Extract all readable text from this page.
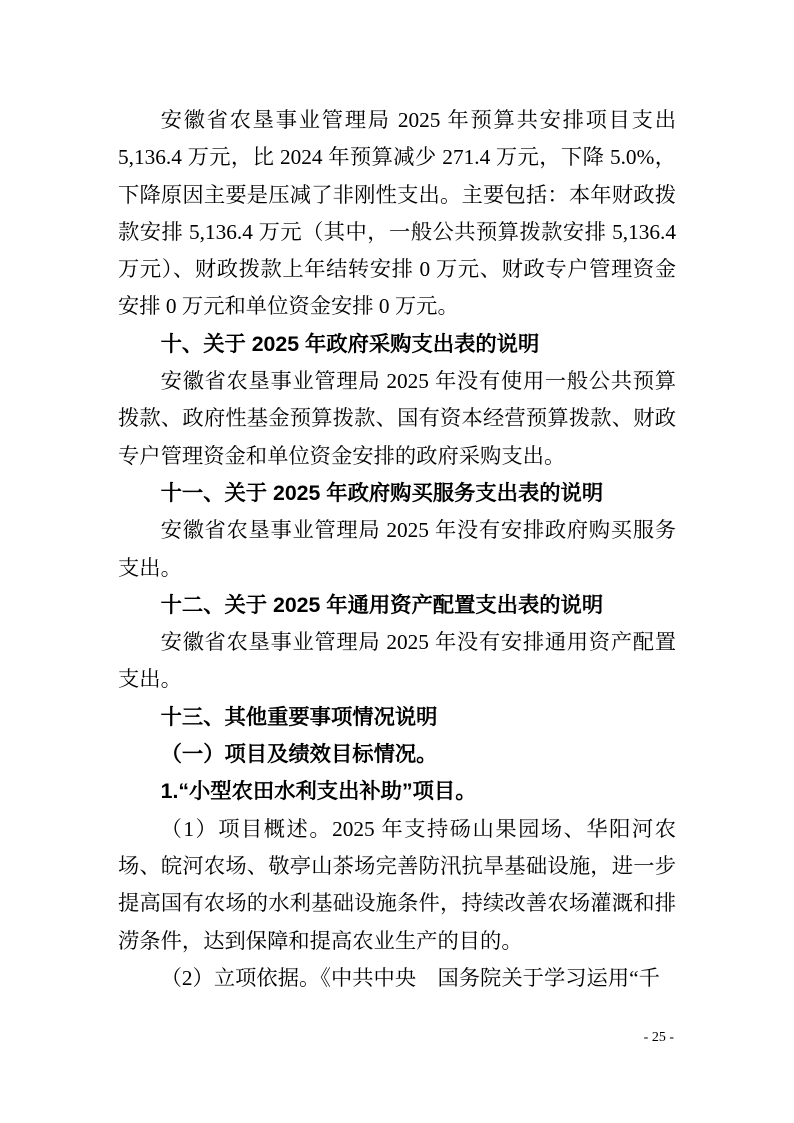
安徽省农垦事业管理局 2025 年预算共安排项目支出 5,136.4 万元，比 2024 年预算减少 271.4 万元，下降 5.0%，下降原因主要是压减了非刚性支出。主要包括：本年财政拨款安排 5,136.4 万元（其中，一般公共预算拨款安排 5,136.4 万元）、财政拨款上年结转安排 0 万元、财政专户管理资金安排 0 万元和单位资金安排 0 万元。

十、关于 2025 年政府采购支出表的说明

安徽省农垦事业管理局 2025 年没有使用一般公共预算拨款、政府性基金预算拨款、国有资本经营预算拨款、财政专户管理资金和单位资金安排的政府采购支出。

十一、关于 2025 年政府购买服务支出表的说明

安徽省农垦事业管理局 2025 年没有安排政府购买服务支出。

十二、关于 2025 年通用资产配置支出表的说明

安徽省农垦事业管理局 2025 年没有安排通用资产配置支出。

十三、其他重要事项情况说明

（一）项目及绩效目标情况。

1.“小型农田水利支出补助”项目。

（1）项目概述。2025 年支持砀山果园场、华阳河农场、皖河农场、敬亭山茶场完善防汛抗旱基础设施，进一步提高国有农场的水利基础设施条件，持续改善农场灌溉和排涝条件，达到保障和提高农业生产的目的。

（2）立项依据。《中共中央　国务院关于学习运用“千

- 25 -
